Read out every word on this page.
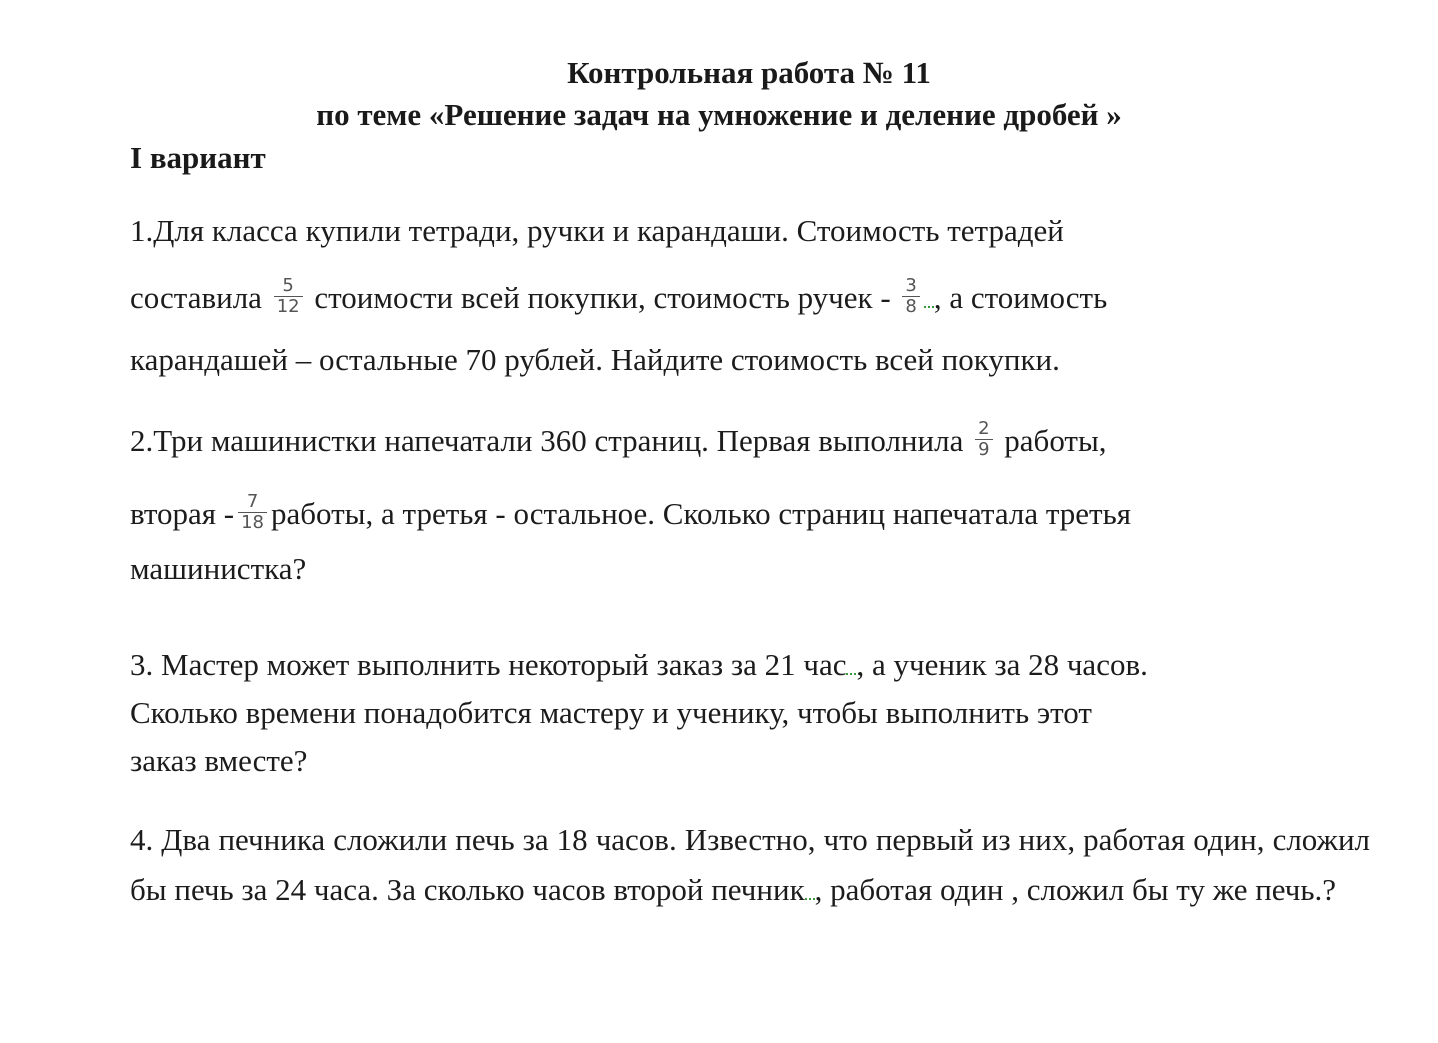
Контрольная работа № 11
по теме «Решение задач на умножение и деление дробей »
I вариант
1.Для класса купили тетради, ручки и карандаши. Стоимость тетрадей
составила $\frac{5}{12}$ стоимости всей покупки, стоимость ручек - $\frac{3}{8}$ , а стоимость
карандашей – остальные 70 рублей. Найдите стоимость всей покупки.
2.Три машинистки напечатали 360 страниц. Первая выполнила $\frac{2}{9}$ работы,
вторая - $\frac{7}{18}$ работы, а третья - остальное. Сколько страниц напечатала третья
машинистка?
3. Мастер может выполнить некоторый заказ за 21 час , а ученик за 28 часов.
Сколько времени понадобится мастеру и ученику, чтобы выполнить этот
заказ вместе?
4. Два печника сложили печь за 18 часов. Известно, что первый из них, работая один, сложил бы печь за 24 часа. За сколько часов второй печник , работая один , сложил бы ту же печь.?
